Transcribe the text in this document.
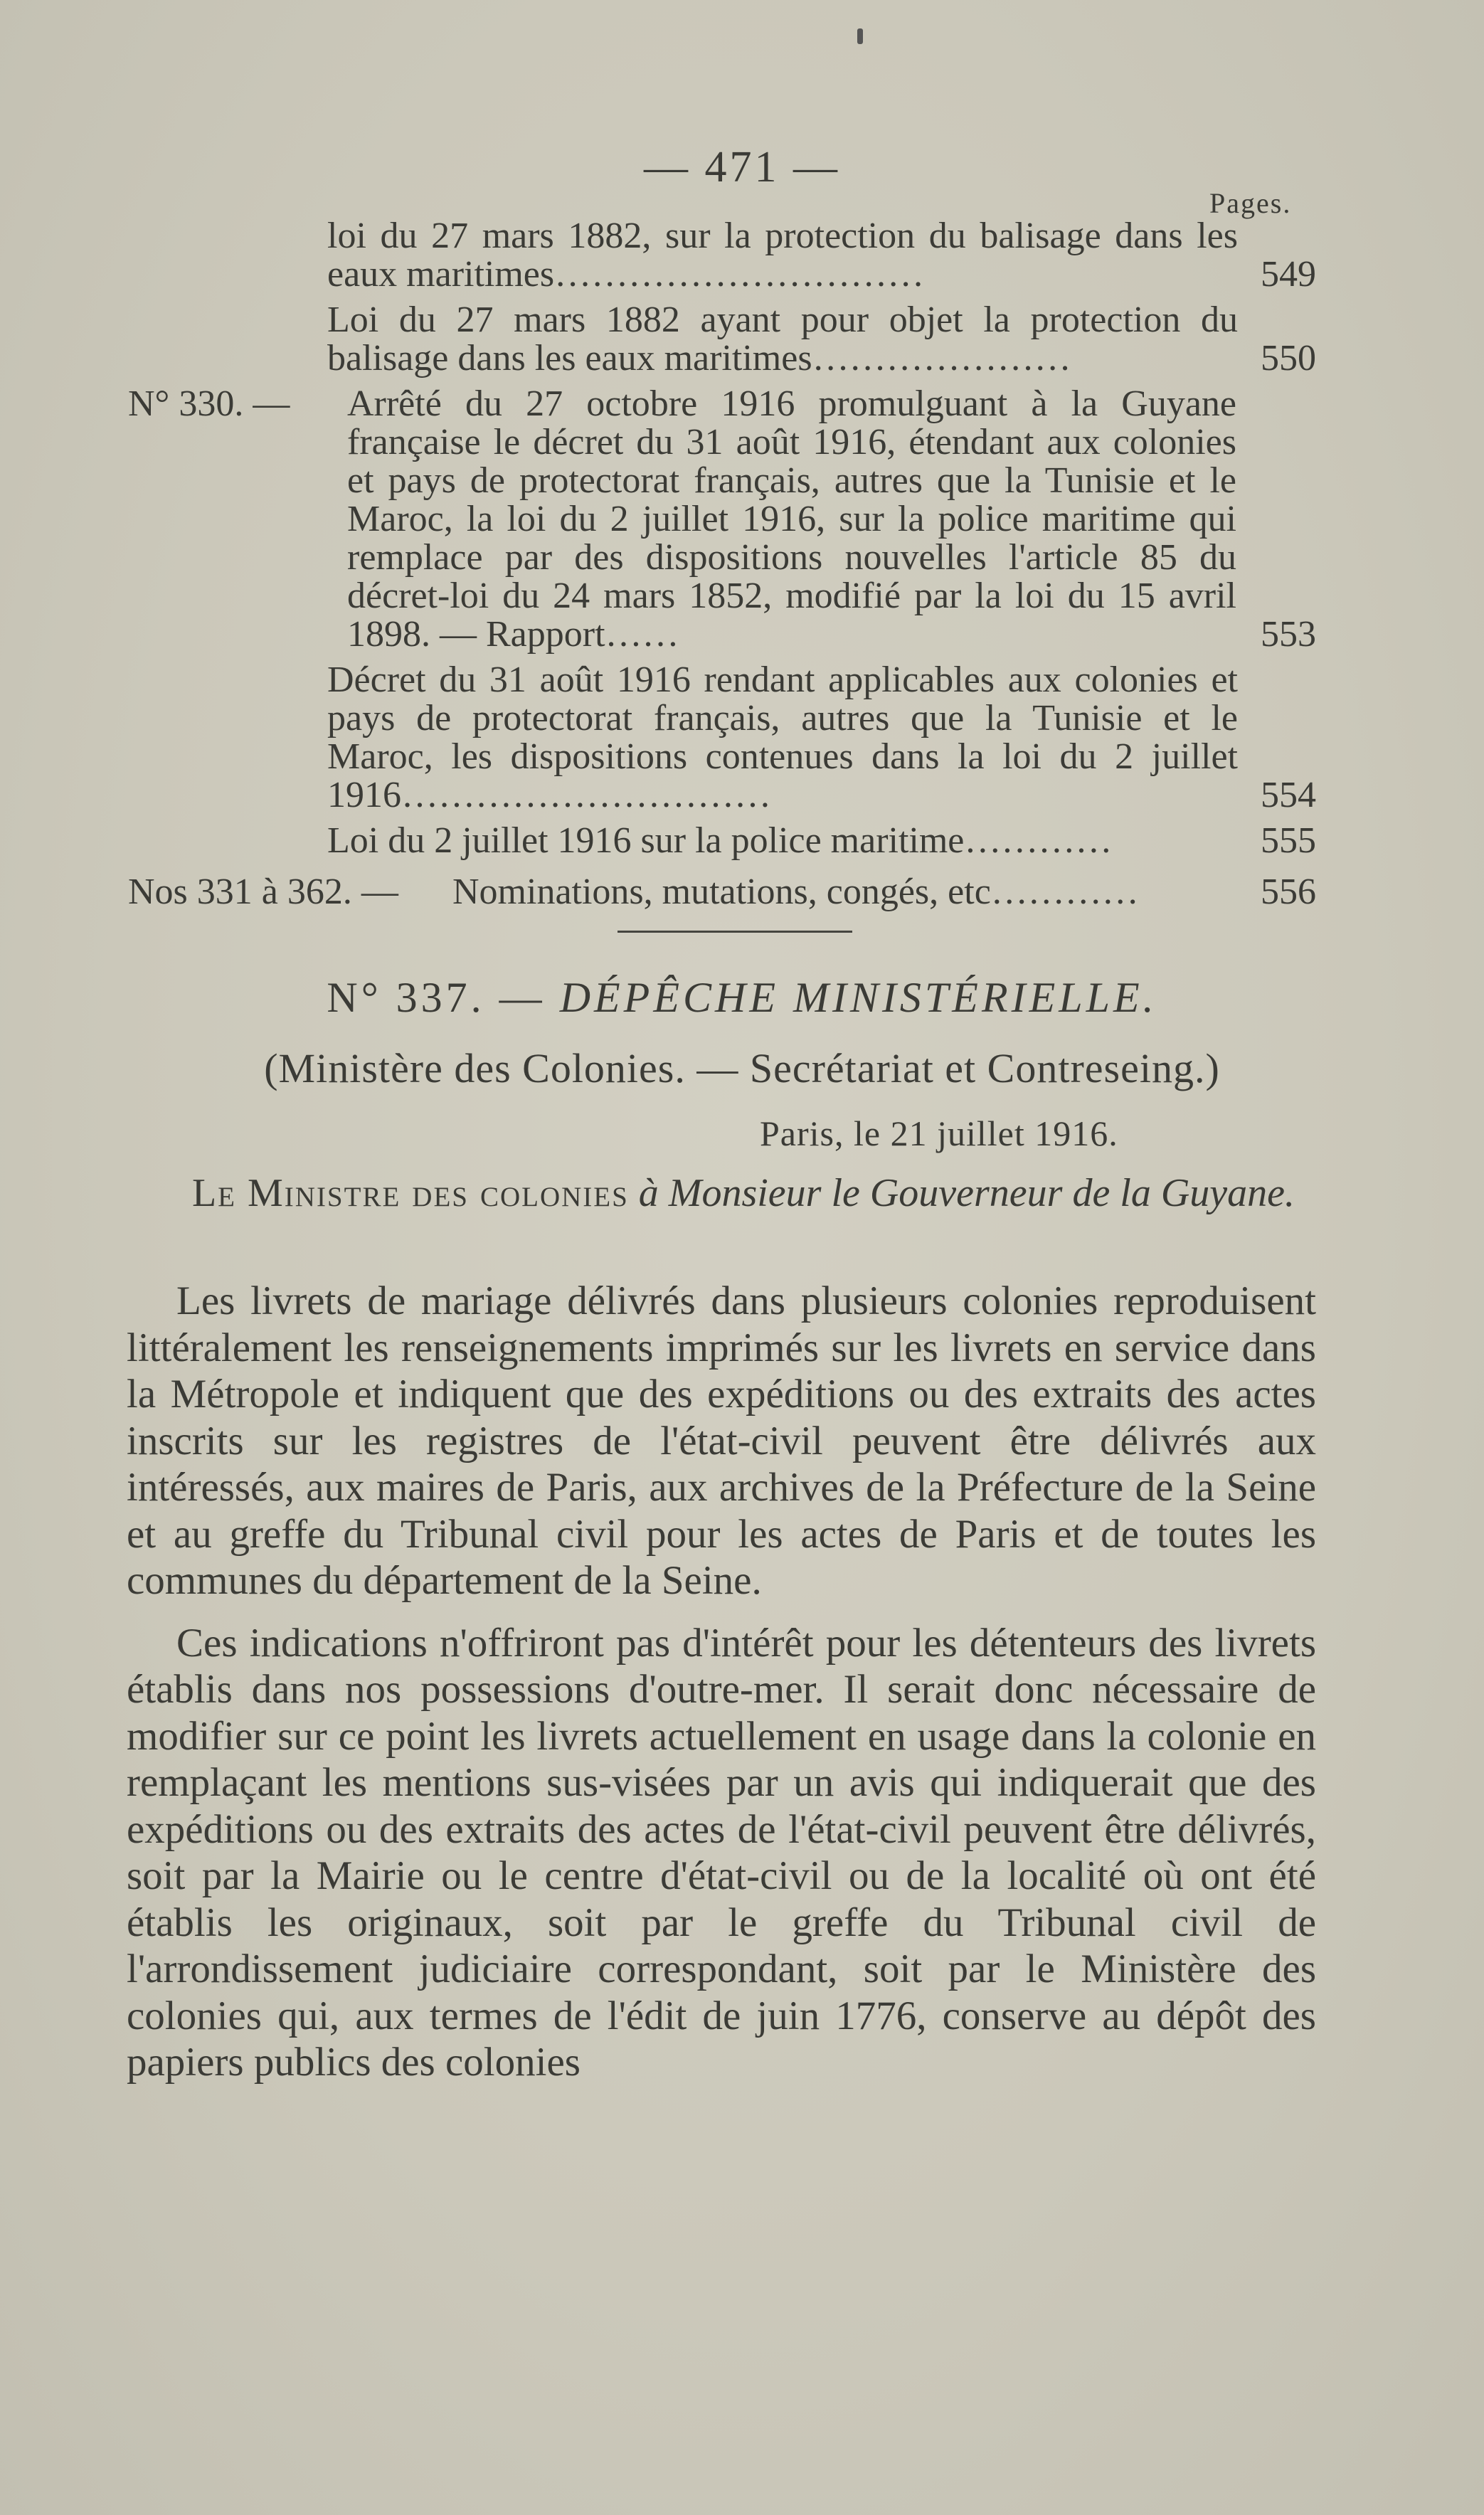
— 471 —
Pages.
loi du 27 mars 1882, sur la protection du balisage dans les eaux maritimes…………………………	549
Loi du 27 mars 1882 ayant pour objet la protection du balisage dans les eaux maritimes…………………	550
N° 330. — Arrêté du 27 octobre 1916 promulguant à la Guyane française le décret du 31 août 1916, étendant aux colonies et pays de protectorat français, autres que la Tunisie et le Maroc, la loi du 2 juillet 1916, sur la police maritime qui remplace par des dispositions nouvelles l'article 85 du décret-loi du 24 mars 1852, modifié par la loi du 15 avril 1898. — Rapport……	553
Décret du 31 août 1916 rendant applicables aux colonies et pays de protectorat français, autres que la Tunisie et le Maroc, les dispositions contenues dans la loi du 2 juillet 1916…………………………	554
Loi du 2 juillet 1916 sur la police maritime…………	555
Nos 331 à 362. — Nominations, mutations, congés, etc…………	556
N° 337. — DÉPÊCHE MINISTÉRIELLE.
(Ministère des Colonies. — Secrétariat et Contreseing.)
Paris, le 21 juillet 1916.
Le Ministre des colonies à Monsieur le Gouverneur de la Guyane.

Les livrets de mariage délivrés dans plusieurs colonies reproduisent littéralement les renseignements imprimés sur les livrets en service dans la Métropole et indiquent que des expéditions ou des extraits des actes inscrits sur les registres de l'état-civil peuvent être délivrés aux intéressés, aux maires de Paris, aux archives de la Préfecture de la Seine et au greffe du Tribunal civil pour les actes de Paris et de toutes les communes du département de la Seine.

Ces indications n'offriront pas d'intérêt pour les détenteurs des livrets établis dans nos possessions d'outre-mer. Il serait donc nécessaire de modifier sur ce point les livrets actuellement en usage dans la colonie en remplaçant les mentions sus-visées par un avis qui indiquerait que des expéditions ou des extraits des actes de l'état-civil peuvent être délivrés, soit par la Mairie ou le centre d'état-civil ou de la localité où ont été établis les originaux, soit par le greffe du Tribunal civil de l'arrondissement judiciaire correspondant, soit par le Ministère des colonies qui, aux termes de l'édit de juin 1776, conserve au dépôt des papiers publics des colonies
